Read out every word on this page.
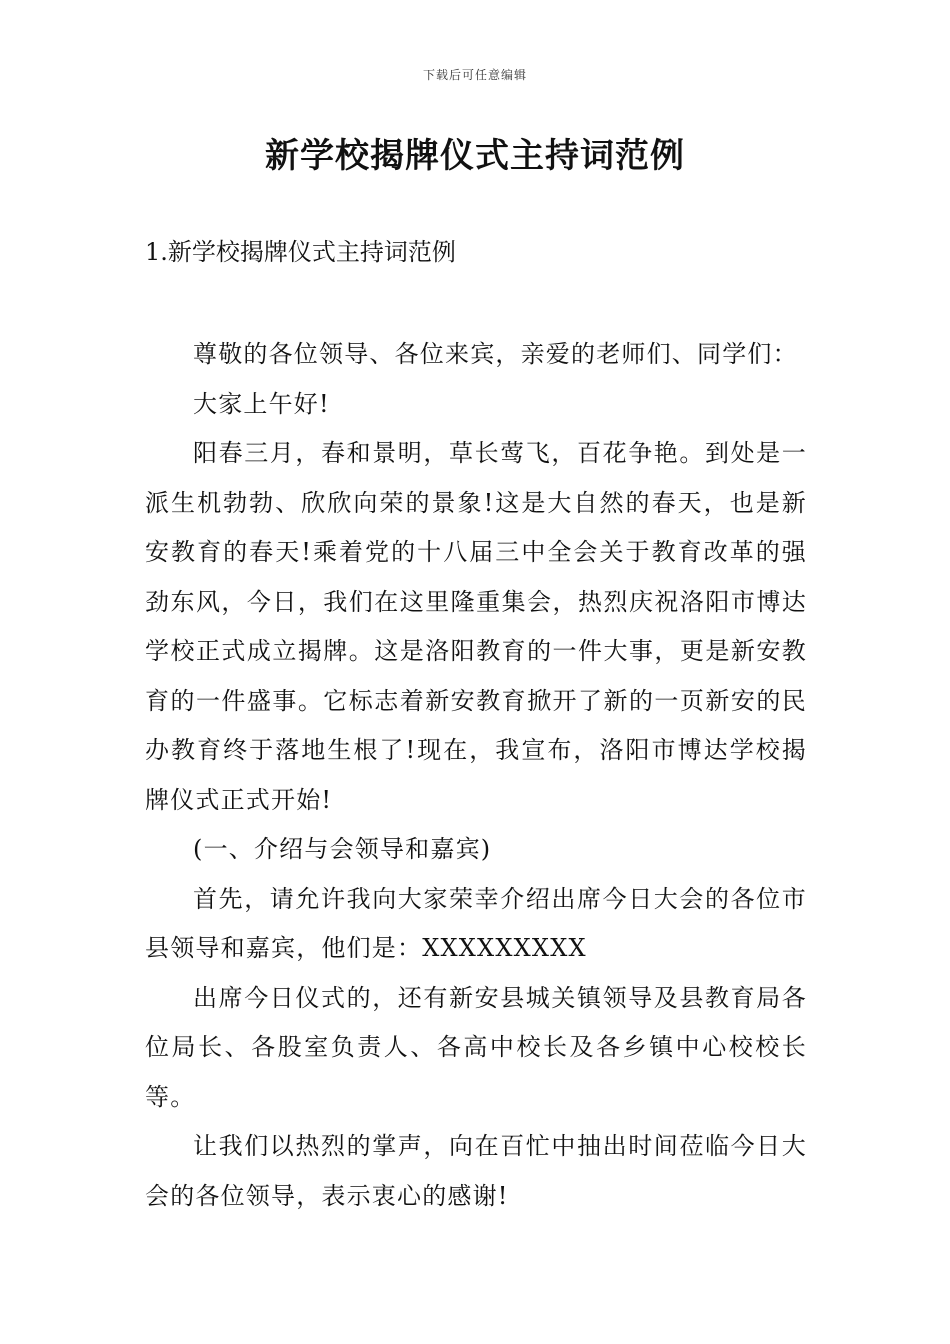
下载后可任意编辑
新学校揭牌仪式主持词范例
1.新学校揭牌仪式主持词范例

尊敬的各位领导、各位来宾，亲爱的老师们、同学们：

大家上午好!

阳春三月，春和景明，草长莺飞，百花争艳。到处是一派生机勃勃、欣欣向荣的景象!这是大自然的春天，也是新安教育的春天!乘着党的十八届三中全会关于教育改革的强劲东风，今日，我们在这里隆重集会，热烈庆祝洛阳市博达学校正式成立揭牌。这是洛阳教育的一件大事，更是新安教育的一件盛事。它标志着新安教育掀开了新的一页新安的民办教育终于落地生根了!现在，我宣布，洛阳市博达学校揭牌仪式正式开始!

(一、介绍与会领导和嘉宾)

首先，请允许我向大家荣幸介绍出席今日大会的各位市县领导和嘉宾，他们是：XXXXXXXXX

出席今日仪式的，还有新安县城关镇领导及县教育局各位局长、各股室负责人、各高中校长及各乡镇中心校校长等。

让我们以热烈的掌声，向在百忙中抽出时间莅临今日大会的各位领导，表示衷心的感谢!
